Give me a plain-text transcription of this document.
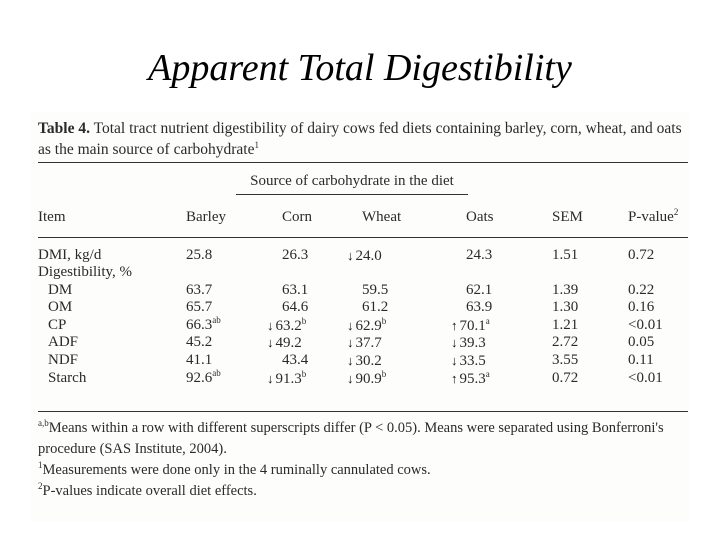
Apparent Total Digestibility
Table 4. Total tract nutrient digestibility of dairy cows fed diets containing barley, corn, wheat, and oats as the main source of carbohydrate$^1$
Source of carbohydrate in the diet
Item	Barley	Corn	Wheat	Oats	SEM	P-value$^2$
DMI, kg/d	25.8	26.3	↓ 24.0	24.3	1.51	0.72
Digestibility, %
DM	63.7	63.1	59.5	62.1	1.39	0.22
OM	65.7	64.6	61.2	63.9	1.30	0.16
CP	66.3$^{ab}$	↓ 63.2$^b$	↓ 62.9$^b$	↑ 70.1$^a$	1.21	<0.01
ADF	45.2	↓ 49.2	↓ 37.7	↓ 39.3	2.72	0.05
NDF	41.1	43.4	↓ 30.2	↓ 33.5	3.55	0.11
Starch	92.6$^{ab}$	↓ 91.3$^b$	↓ 90.9$^b$	↑ 95.3$^a$	0.72	<0.01
$^{a,b}$Means within a row with different superscripts differ (P < 0.05). Means were separated using Bonferroni's procedure (SAS Institute, 2004).
$^1$Measurements were done only in the 4 ruminally cannulated cows.
$^2$P-values indicate overall diet effects.
